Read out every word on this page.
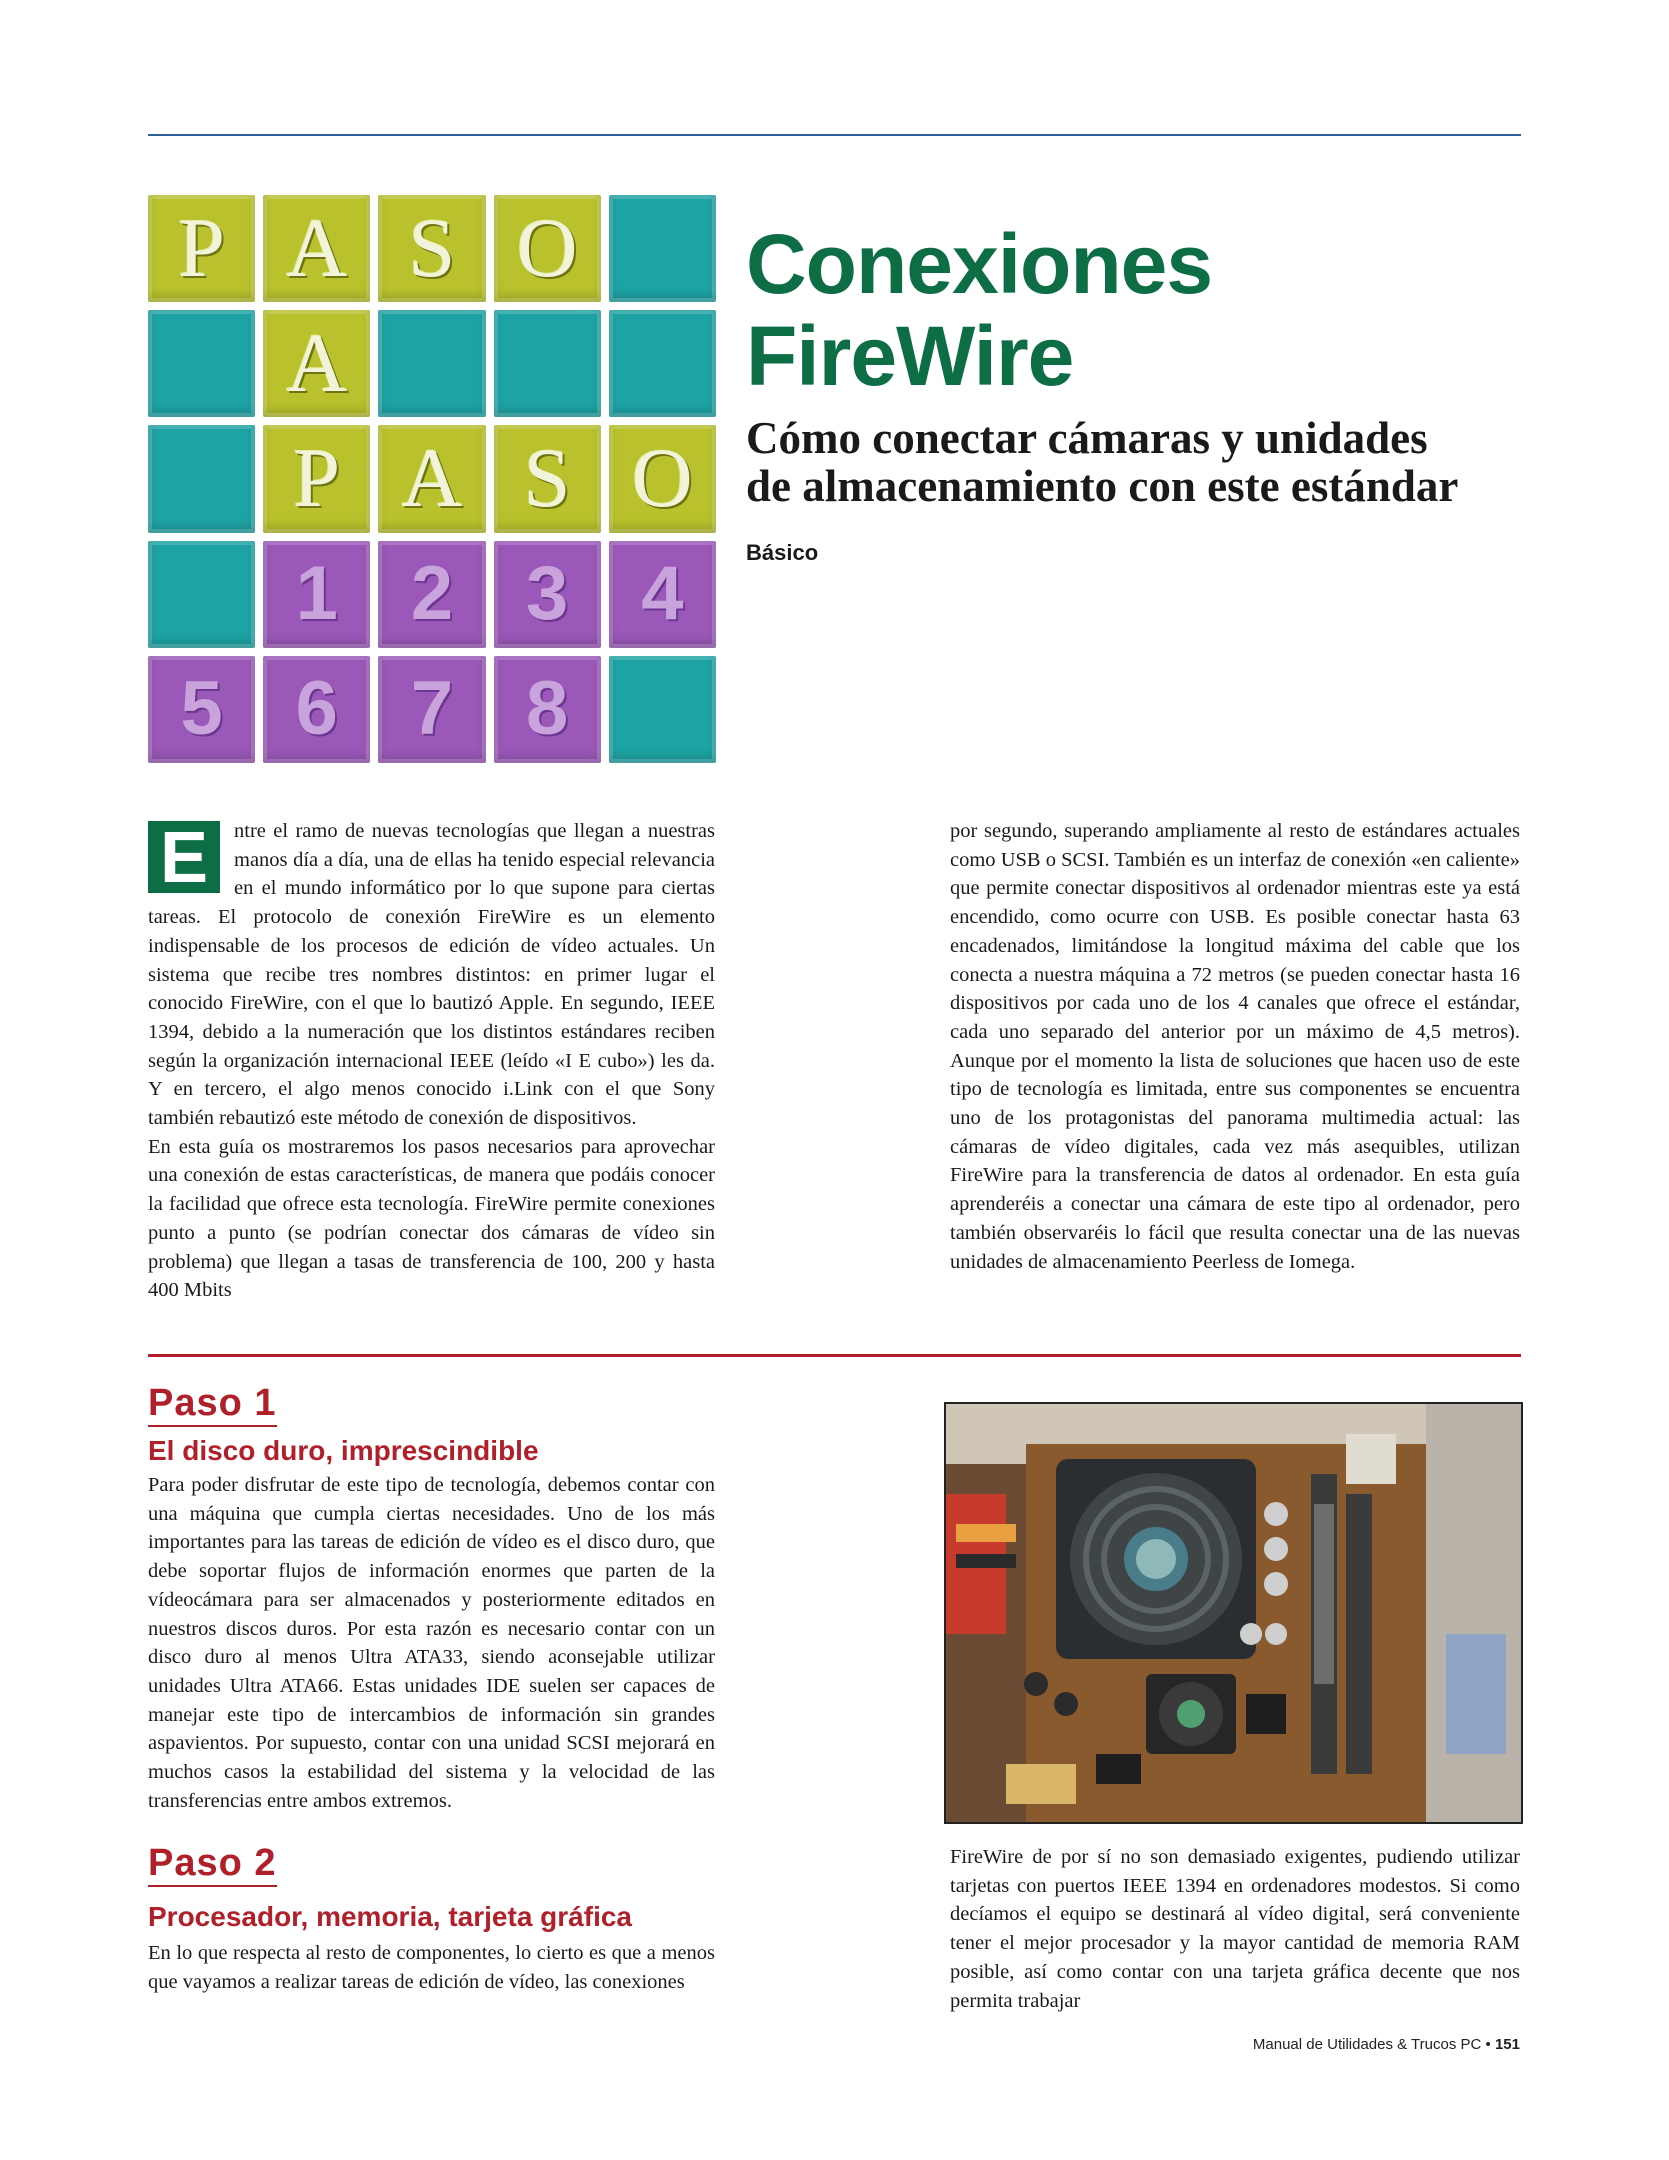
P A S O
A
P A S O
1 2 3 4
5 6 7 8
Conexiones
FireWire
Cómo conectar cámaras y unidades
de almacenamiento con este estándar
Básico

E	ntre el ramo de nuevas tecnologías que llegan a nuestras manos día a día, una de ellas ha tenido especial relevancia en el mundo informático por lo que supone para ciertas tareas. El protocolo de conexión FireWire es un elemento indispensable de los procesos de edición de vídeo actuales. Un sistema que recibe tres nombres distintos: en primer lugar el conocido FireWire, con el que lo bautizó Apple. En segundo, IEEE 1394, debido a la numeración que los distintos estándares reciben según la organización internacional IEEE (leído «I E cubo») les da. Y en tercero, el algo menos conocido i.Link con el que Sony también rebautizó este método de conexión de dispositivos.

En esta guía os mostraremos los pasos necesarios para aprovechar una conexión de estas características, de manera que podáis conocer la facilidad que ofrece esta tecnología. FireWire permite conexiones punto a punto (se podrían conectar dos cámaras de vídeo sin problema) que llegan a tasas de transferencia de 100, 200 y hasta 400 Mbits

por segundo, superando ampliamente al resto de estándares actuales como USB o SCSI. También es un interfaz de conexión «en caliente» que permite conectar dispositivos al ordenador mientras este ya está encendido, como ocurre con USB. Es posible conectar hasta 63 encadenados, limitándose la longitud máxima del cable que los conecta a nuestra máquina a 72 metros (se pueden conectar hasta 16 dispositivos por cada uno de los 4 canales que ofrece el estándar, cada uno separado del anterior por un máximo de 4,5 metros). Aunque por el momento la lista de soluciones que hacen uso de este tipo de tecnología es limitada, entre sus componentes se encuentra uno de los protagonistas del panorama multimedia actual: las cámaras de vídeo digitales, cada vez más asequibles, utilizan FireWire para la transferencia de datos al ordenador. En esta guía aprenderéis a conectar una cámara de este tipo al ordenador, pero también observaréis lo fácil que resulta conectar una de las nuevas unidades de almacenamiento Peerless de Iomega.

Paso 1
El disco duro, imprescindible
Para poder disfrutar de este tipo de tecnología, debemos contar con una máquina que cumpla ciertas necesidades. Uno de los más importantes para las tareas de edición de vídeo es el disco duro, que debe soportar flujos de información enormes que parten de la vídeocámara para ser almacenados y posteriormente editados en nuestros discos duros. Por esta razón es necesario contar con un disco duro al menos Ultra ATA33, siendo aconsejable utilizar unidades Ultra ATA66. Estas unidades IDE suelen ser capaces de manejar este tipo de intercambios de información sin grandes aspavientos. Por supuesto, contar con una unidad SCSI mejorará en muchos casos la estabilidad del sistema y la velocidad de las transferencias entre ambos extremos.
Paso 2
Procesador, memoria, tarjeta gráfica
En lo que respecta al resto de componentes, lo cierto es que a menos que vayamos a realizar tareas de edición de vídeo, las conexiones
FireWire de por sí no son demasiado exigentes, pudiendo utilizar tarjetas con puertos IEEE 1394 en ordenadores modestos. Si como decíamos el equipo se destinará al vídeo digital, será conveniente tener el mejor procesador y la mayor cantidad de memoria RAM posible, así como contar con una tarjeta gráfica decente que nos permita trabajar
Manual de Utilidades & Trucos PC • 151
